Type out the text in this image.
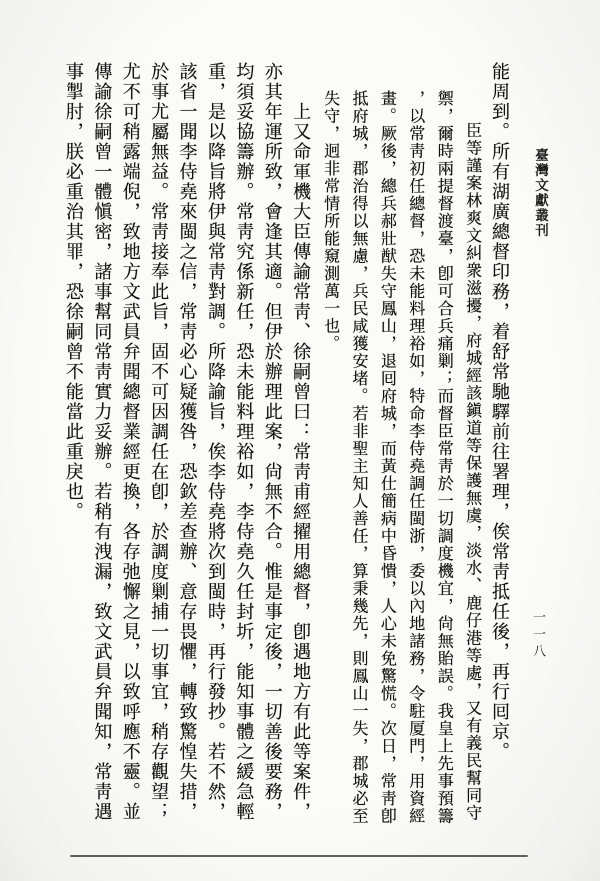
臺灣文獻叢刊
一一八
能周到。所有湖廣總督印務，着舒常馳驛前往署理，俟常靑抵任後，再行囘京。
臣等謹案林爽文糾衆滋擾，府城經該鎭道等保護無虞，淡水、鹿仔港等處，又有義民幫同守
禦，爾時兩提督渡臺，卽可合兵痛剿；而督臣常靑於一切調度機宜，尙無貽誤。我皇上先事預籌
，以常靑初任總督，恐未能料理裕如，特命李侍堯調任閩浙，委以內地諸務，令駐厦門，用資經
畫。厥後，總兵郝壯猷失守鳳山，退囘府城，而黃仕簡病中昏憒，人心未免驚慌。次日，常靑卽
抵府城，郡治得以無慮，兵民咸獲安堵。若非聖主知人善任，算秉幾先，則鳳山一失，郡城必至
失守，迥非常情所能窺測萬一也。
上又命軍機大臣傳諭常靑、徐嗣曾曰：常靑甫經擢用總督，卽遇地方有此等案件，
亦其年運所致，會逢其適。但伊於辦理此案，尙無不合。惟是事定後，一切善後要務，
均須妥協籌辦。常靑究係新任，恐未能料理裕如，李侍堯久任封圻，能知事體之緩急輕
重，是以降旨將伊與常靑對調。所降諭旨，俟李侍堯將次到閩時，再行發抄。若不然，
該省一聞李侍堯來閩之信，常靑必心疑獲咎，恐欽差查辦、意存畏懼，轉致驚惶失措，
於事尤屬無益。常靑接奉此旨，固不可因調任在卽，於調度剿捕一切事宜，稍存觀望；
尤不可稍露端倪，致地方文武員弁聞總督業經更換，各存弛懈之見，以致呼應不靈。並
傳諭徐嗣曾一體愼密，諸事幫同常靑實力妥辦。若稍有洩漏，致文武員弁聞知，常靑遇
事掣肘，朕必重治其罪，恐徐嗣曾不能當此重戾也。
